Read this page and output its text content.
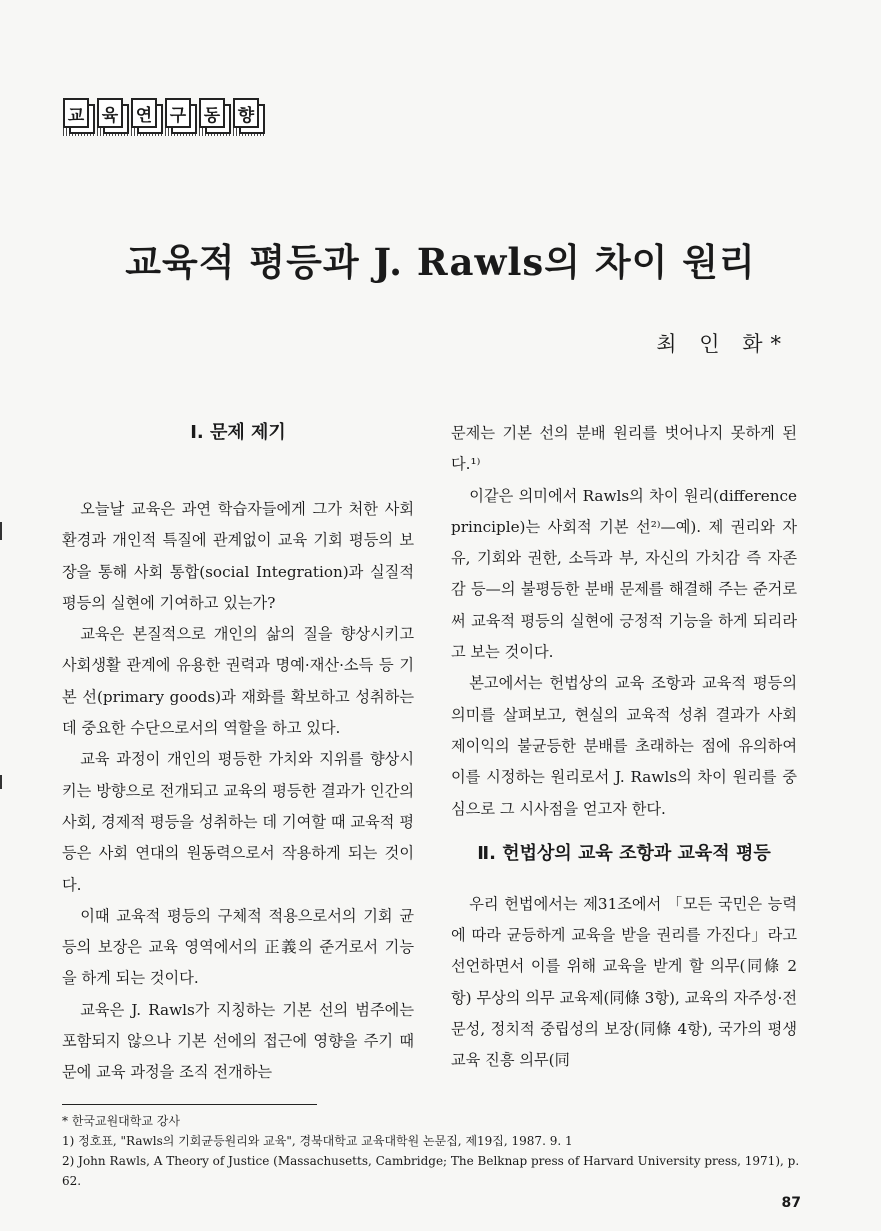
교 육 연 구 동 향
교육적 평등과 J. Rawls의 차이 원리
최 인 화*
Ⅰ. 문제 제기

오늘날 교육은 과연 학습자들에게 그가 처한 사회 환경과 개인적 특질에 관계없이 교육 기회 평등의 보장을 통해 사회 통합(social Integration)과 실질적 평등의 실현에 기여하고 있는가?

교육은 본질적으로 개인의 삶의 질을 향상시키고 사회생활 관계에 유용한 권력과 명예·재산·소득 등 기본 선(primary goods)과 재화를 확보하고 성취하는 데 중요한 수단으로서의 역할을 하고 있다.

교육 과정이 개인의 평등한 가치와 지위를 향상시키는 방향으로 전개되고 교육의 평등한 결과가 인간의 사회, 경제적 평등을 성취하는 데 기여할 때 교육적 평등은 사회 연대의 원동력으로서 작용하게 되는 것이다.

이때 교육적 평등의 구체적 적용으로서의 기회 균등의 보장은 교육 영역에서의 正義의 준거로서 기능을 하게 되는 것이다.

교육은 J. Rawls가 지칭하는 기본 선의 범주에는 포함되지 않으나 기본 선에의 접근에 영향을 주기 때문에 교육 과정을 조직 전개하는

문제는 기본 선의 분배 원리를 벗어나지 못하게 된다.¹⁾

이같은 의미에서 Rawls의 차이 원리(difference principle)는 사회적 기본 선²⁾—예). 제 권리와 자유, 기회와 권한, 소득과 부, 자신의 가치감 즉 자존감 등—의 불평등한 분배 문제를 해결해 주는 준거로써 교육적 평등의 실현에 긍정적 기능을 하게 되리라고 보는 것이다.

본고에서는 헌법상의 교육 조항과 교육적 평등의 의미를 살펴보고, 현실의 교육적 성취 결과가 사회 제이익의 불균등한 분배를 초래하는 점에 유의하여 이를 시정하는 원리로서 J. Rawls의 차이 원리를 중심으로 그 시사점을 얻고자 한다.

Ⅱ. 헌법상의 교육 조항과 교육적 평등

우리 헌법에서는 제31조에서 「모든 국민은 능력에 따라 균등하게 교육을 받을 권리를 가진다」라고 선언하면서 이를 위해 교육을 받게 할 의무(同條 2항) 무상의 의무 교육제(同條 3항), 교육의 자주성·전문성, 정치적 중립성의 보장(同條 4항), 국가의 평생교육 진흥 의무(同

* 한국교원대학교 강사

1) 정호표, "Rawls의 기회균등원리와 교육", 경북대학교 교육대학원 논문집, 제19집, 1987. 9. 1

2) John Rawls, A Theory of Justice (Massachusetts, Cambridge; The Belknap press of Harvard University press, 1971), p. 62.

87
